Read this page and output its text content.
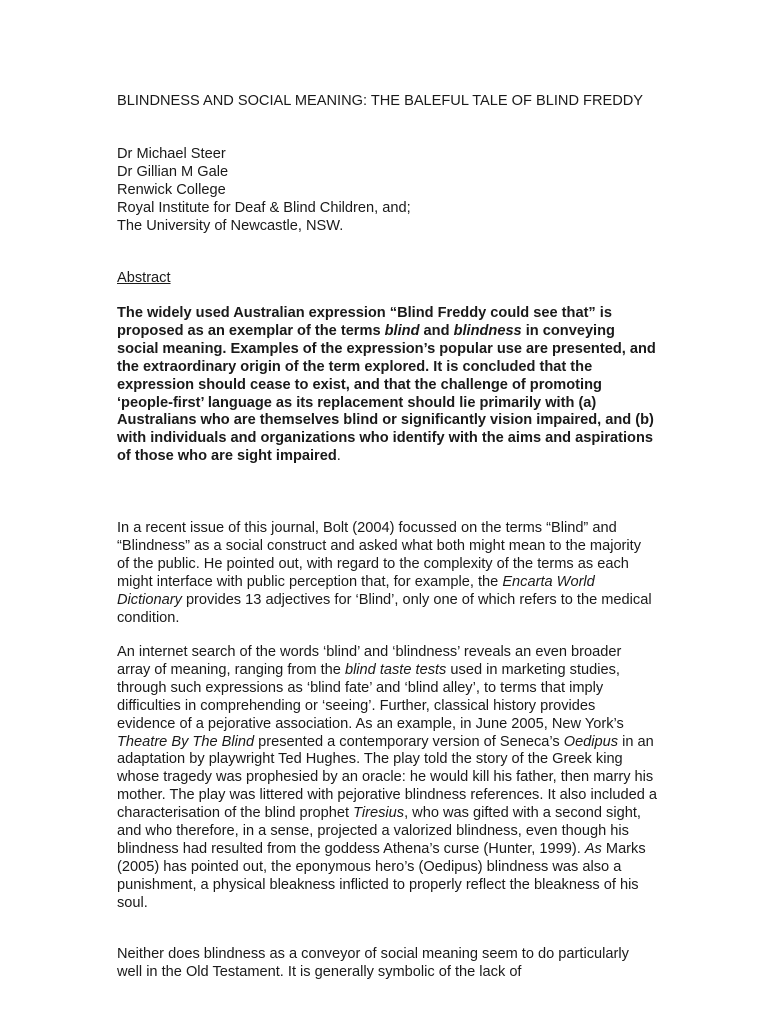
BLINDNESS AND SOCIAL MEANING: THE BALEFUL TALE OF BLIND FREDDY
Dr Michael Steer
Dr Gillian M Gale
Renwick College
Royal Institute for Deaf & Blind Children, and;
The University of Newcastle, NSW.
Abstract
The widely used Australian expression “Blind Freddy could see that” is proposed as an exemplar of the terms blind and blindness in conveying social meaning. Examples of the expression’s popular use are presented, and the extraordinary origin of the term explored. It is concluded that the expression should cease to exist, and that the challenge of promoting ‘people-first’ language as its replacement should lie primarily with (a) Australians who are themselves blind or significantly vision impaired, and (b) with individuals and organizations who identify with the aims and aspirations of those who are sight impaired.
In a recent issue of this journal, Bolt (2004) focussed on the terms “Blind” and “Blindness” as a social construct and asked what both might mean to the majority of the public. He pointed out, with regard to the complexity of the terms as each might interface with public perception that, for example, the Encarta World Dictionary provides 13 adjectives for ‘Blind’, only one of which refers to the medical condition.
An internet search of the words ‘blind’ and ‘blindness’ reveals an even broader array of meaning, ranging from the blind taste tests used in marketing studies, through such expressions as ‘blind fate’ and ‘blind alley’, to terms that imply difficulties in comprehending or ‘seeing’. Further, classical history provides evidence of a pejorative association. As an example, in June 2005, New York’s Theatre By The Blind presented a contemporary version of Seneca’s Oedipus in an adaptation by playwright Ted Hughes. The play told the story of the Greek king whose tragedy was prophesied by an oracle: he would kill his father, then marry his mother. The play was littered with pejorative blindness references. It also included a characterisation of the blind prophet Tiresius, who was gifted with a second sight, and who therefore, in a sense, projected a valorized blindness, even though his blindness had resulted from the goddess Athena’s curse (Hunter, 1999). As Marks (2005) has pointed out, the eponymous hero’s (Oedipus) blindness was also a punishment, a physical bleakness inflicted to properly reflect the bleakness of his soul.
Neither does blindness as a conveyor of social meaning seem to do particularly well in the Old Testament. It is generally symbolic of the lack of
